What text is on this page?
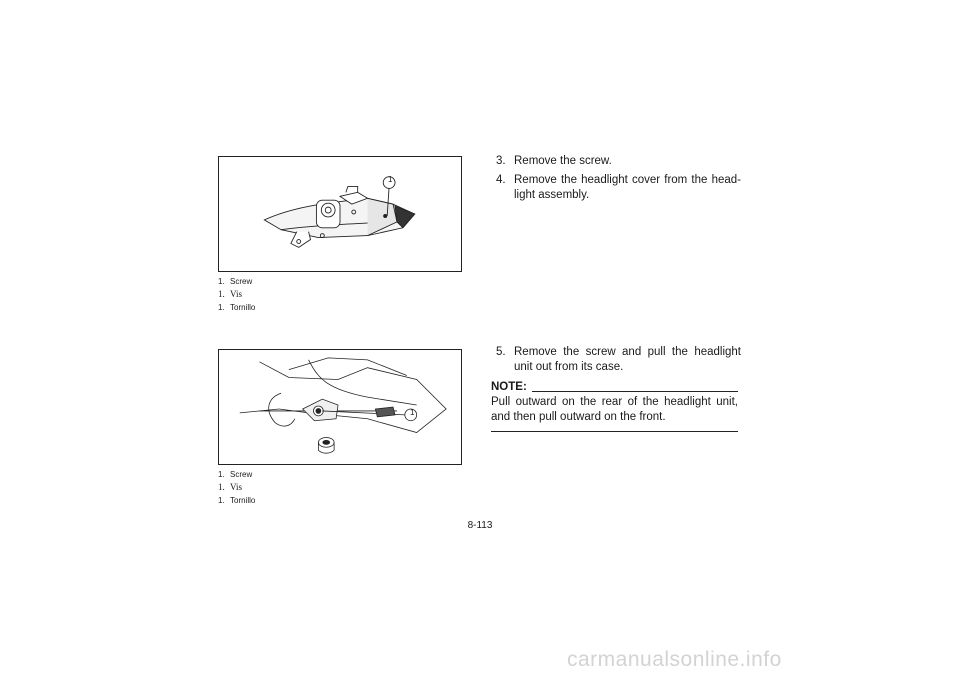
1
1. Screw
1. Vis
1. Tornillo
1
1. Screw
1. Vis
1. Tornillo
3. Remove the screw.
4. Remove the headlight cover from the head-light assembly.
5. Remove the screw and pull the headlight unit out from its case.
NOTE:
Pull outward on the rear of the headlight unit, and then pull outward on the front.
8-113
carmanualsonline.info
